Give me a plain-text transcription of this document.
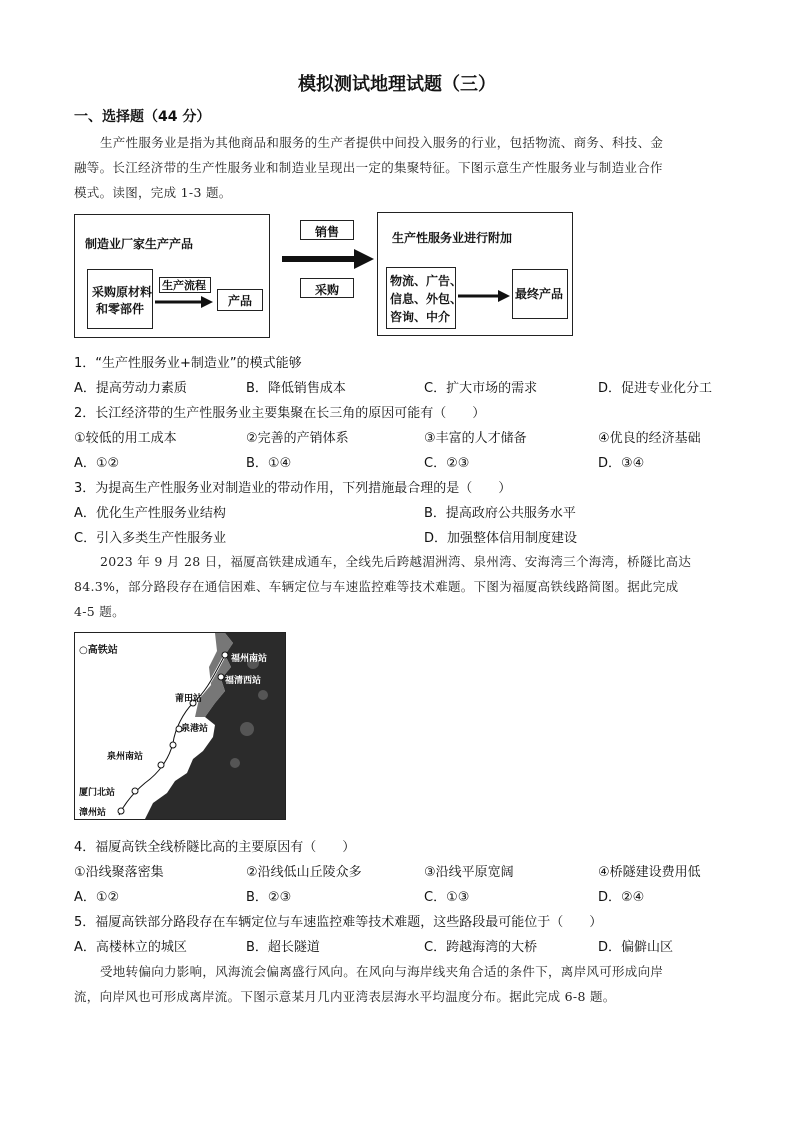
模拟测试地理试题（三）
一、选择题（44 分）
生产性服务业是指为其他商品和服务的生产者提供中间投入服务的行业，包括物流、商务、科技、金
融等。长江经济带的生产性服务业和制造业呈现出一定的集聚特征。下图示意生产性服务业与制造业合作
模式。读图，完成 1-3 题。
制造业厂家生产产品
采购原材料
和零部件
生产流程
产品
销售
采购
生产性服务业进行附加
物流、广告、
信息、外包、
咨询、中介
最终产品
1．“生产性服务业+制造业”的模式能够
A．提高劳动力素质	B．降低销售成本	C．扩大市场的需求	D．促进专业化分工
2．长江经济带的生产性服务业主要集聚在长三角的原因可能有（　　）
①较低的用工成本	②完善的产销体系	③丰富的人才储备	④优良的经济基础
A．①②	B．①④	C．②③	D．③④
3．为提高生产性服务业对制造业的带动作用，下列措施最合理的是（　　）
A．优化生产性服务业结构	B．提高政府公共服务水平
C．引入多类生产性服务业	D．加强整体信用制度建设
2023 年 9 月 28 日，福厦高铁建成通车，全线先后跨越湄洲湾、泉州湾、安海湾三个海湾，桥隧比高达
84.3%，部分路段存在通信困难、车辆定位与车速监控难等技术难题。下图为福厦高铁线路简图。据此完成
4-5 题。
○高铁站
福州南站
福清西站
莆田站
泉港站
泉州站
泉州南站
厦门北站
漳州站
4．福厦高铁全线桥隧比高的主要原因有（　　）
①沿线聚落密集	②沿线低山丘陵众多	③沿线平原宽阔	④桥隧建设费用低
A．①②	B．②③	C．①③	D．②④
5．福厦高铁部分路段存在车辆定位与车速监控难等技术难题，这些路段最可能位于（　　）
A．高楼林立的城区	B．超长隧道	C．跨越海湾的大桥	D．偏僻山区
受地转偏向力影响，风海流会偏离盛行风向。在风向与海岸线夹角合适的条件下，离岸风可形成向岸
流，向岸风也可形成离岸流。下图示意某月几内亚湾表层海水平均温度分布。据此完成 6-8 题。
